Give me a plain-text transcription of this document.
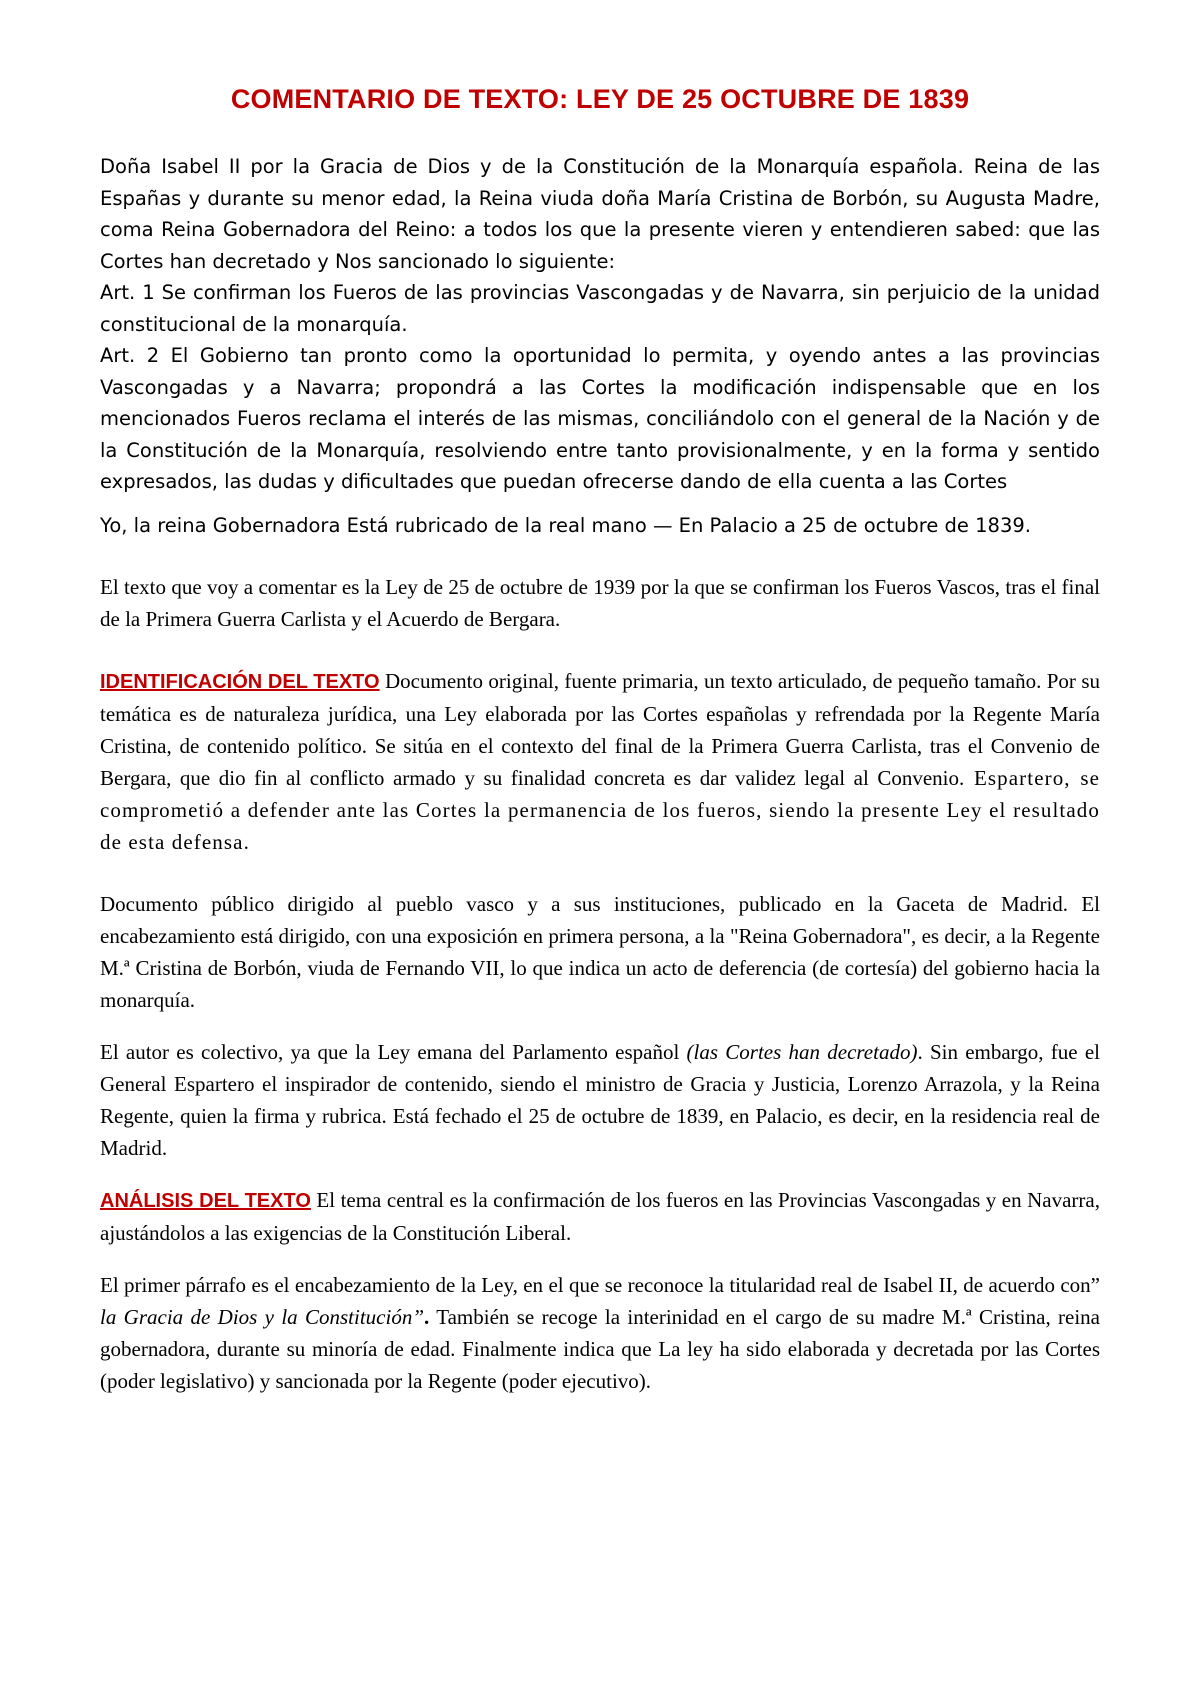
COMENTARIO DE TEXTO: LEY DE 25 OCTUBRE DE 1839

Doña Isabel II por la Gracia de Dios y de la Constitución de la Monarquía española. Reina de las Españas y durante su menor edad, la Reina viuda doña María Cristina de Borbón, su Augusta Madre, coma Reina Gobernadora del Reino: a todos los que la presente vieren y entendieren sabed: que las Cortes han decretado y Nos sancionado lo siguiente:

Art. 1 Se confirman los Fueros de las provincias Vascongadas y de Navarra, sin perjuicio de la unidad constitucional de la monarquía.

Art. 2 El Gobierno tan pronto como la oportunidad lo permita, y oyendo antes a las provincias Vascongadas y a Navarra; propondrá a las Cortes la modificación indispensable que en los mencionados Fueros reclama el interés de las mismas, conciliándolo con el general de la Nación y de la Constitución de la Monarquía, resolviendo entre tanto provisionalmente, y en la forma y sentido expresados, las dudas y dificultades que puedan ofrecerse dando de ella cuenta a las Cortes

Yo, la reina Gobernadora Está rubricado de la real mano — En Palacio a 25 de octubre de 1839.

El texto que voy a comentar es la Ley de 25 de octubre de 1939 por la que se confirman los Fueros Vascos, tras el final de la Primera Guerra Carlista y el Acuerdo de Bergara.

IDENTIFICACIÓN DEL TEXTO Documento original, fuente primaria, un texto articulado, de pequeño tamaño. Por su temática es de naturaleza jurídica, una Ley elaborada por las Cortes españolas y refrendada por la Regente María Cristina, de contenido político. Se sitúa en el contexto del final de la Primera Guerra Carlista, tras el Convenio de Bergara, que dio fin al conflicto armado y su finalidad concreta es dar validez legal al Convenio. Espartero, se comprometió a defender ante las Cortes la permanencia de los fueros, siendo la presente Ley el resultado de esta defensa.

Documento público dirigido al pueblo vasco y a sus instituciones, publicado en la Gaceta de Madrid. El encabezamiento está dirigido, con una exposición en primera persona, a la "Reina Gobernadora", es decir, a la Regente M.ª Cristina de Borbón, viuda de Fernando VII, lo que indica un acto de deferencia (de cortesía) del gobierno hacia la monarquía.

El autor es colectivo, ya que la Ley emana del Parlamento español (las Cortes han decretado). Sin embargo, fue el General Espartero el inspirador de contenido, siendo el ministro de Gracia y Justicia, Lorenzo Arrazola, y la Reina Regente, quien la firma y rubrica. Está fechado el 25 de octubre de 1839, en Palacio, es decir, en la residencia real de Madrid.

ANÁLISIS DEL TEXTO El tema central es la confirmación de los fueros en las Provincias Vascongadas y en Navarra, ajustándolos a las exigencias de la Constitución Liberal.

El primer párrafo es el encabezamiento de la Ley, en el que se reconoce la titularidad real de Isabel II, de acuerdo con” la Gracia de Dios y la Constitución”. También se recoge la interinidad en el cargo de su madre M.ª Cristina, reina gobernadora, durante su minoría de edad. Finalmente indica que La ley ha sido elaborada y decretada por las Cortes (poder legislativo) y sancionada por la Regente (poder ejecutivo).
